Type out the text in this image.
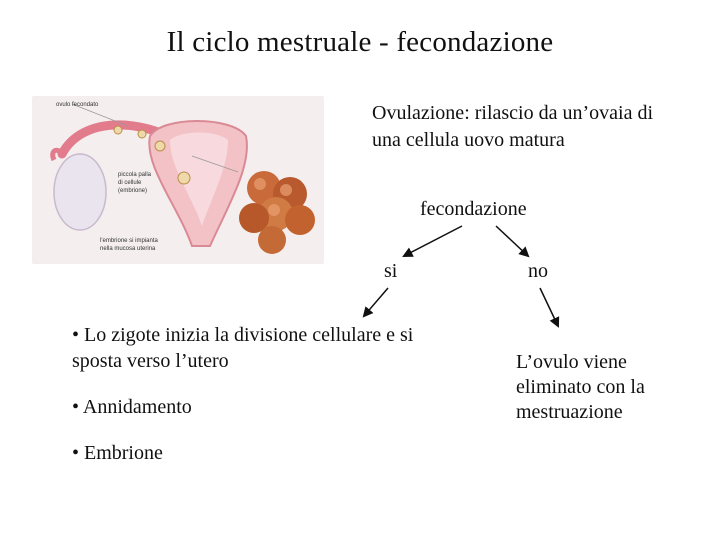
Il ciclo mestruale - fecondazione
ovulo fecondato
piccola palla
di cellule
(embrione)
l'embrione si impianta
nella mucosa uterina
Ovulazione: rilascio da un’ovaia di una cellula uovo matura
fecondazione
si	no
• Lo zigote inizia la divisione cellulare e si sposta verso l’utero
• Annidamento
• Embrione
L’ovulo viene eliminato con la mestruazione
